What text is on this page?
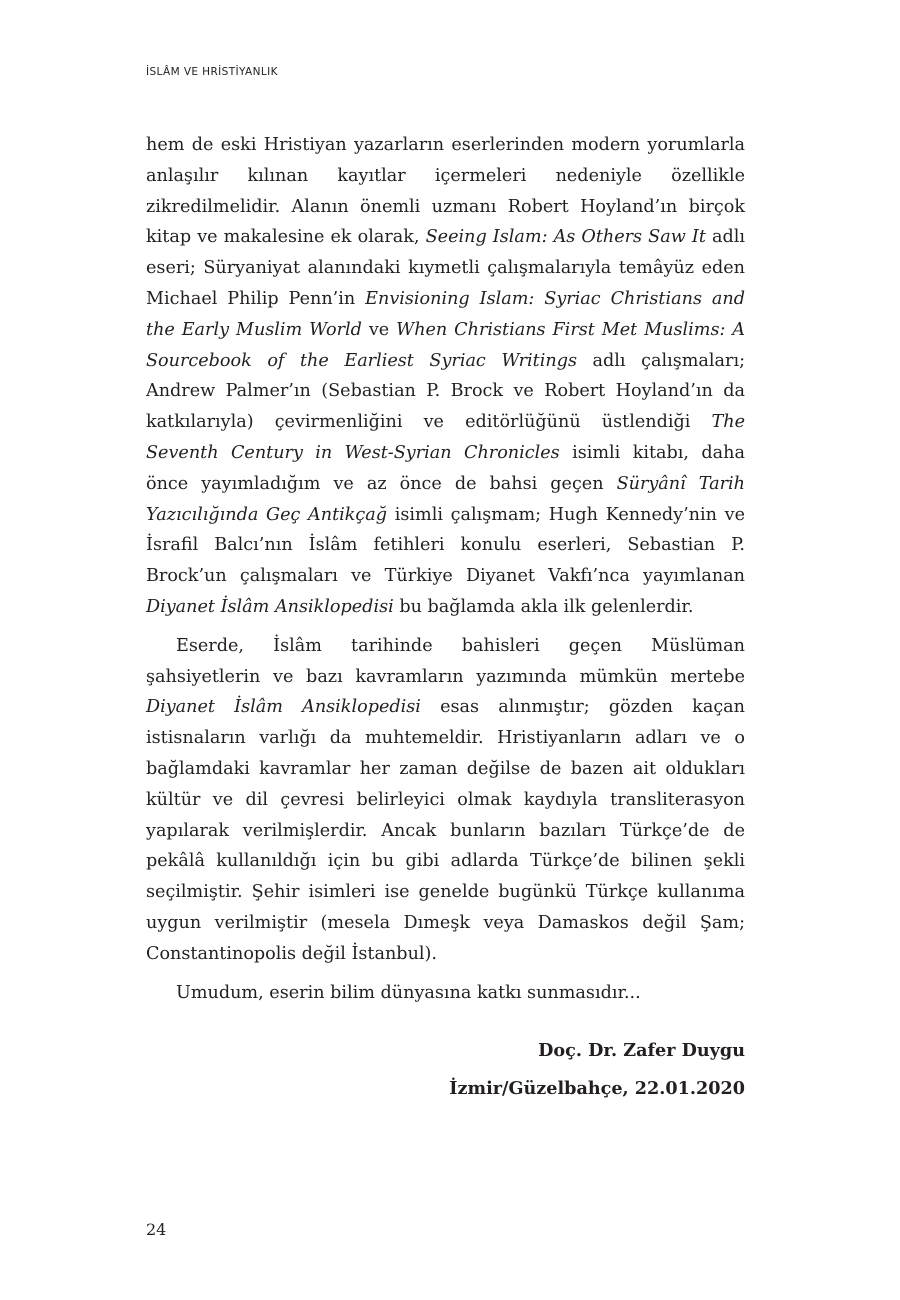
İSLÂM VE HRİSTİYANLIK

hem de eski Hristiyan yazarların eserlerinden modern yorumlarla anlaşılır kılınan kayıtlar içermeleri nedeniyle özellikle zikredilmelidir. Alanın önemli uzmanı Robert Hoyland’ın birçok kitap ve makalesine ek olarak, Seeing Islam: As Others Saw It adlı eseri; Süryaniyat alanındaki kıymetli çalışmalarıyla temâyüz eden Michael Philip Penn’in Envisioning Islam: Syriac Christians and the Early Muslim World ve When Christians First Met Muslims: A Sourcebook of the Earliest Syriac Writings adlı çalışmaları; Andrew Palmer’ın (Sebastian P. Brock ve Robert Hoyland’ın da katkılarıyla) çevirmenliğini ve editörlüğünü üstlendiği The Seventh Century in West-Syrian Chronicles isimli kitabı, daha önce yayımladığım ve az önce de bahsi geçen Süryânî Tarih Yazıcılığında Geç Antikçağ isimli çalışmam; Hugh Kennedy’nin ve İsrafil Balcı’nın İslâm fetihleri konulu eserleri, Sebastian P. Brock’un çalışmaları ve Türkiye Diyanet Vakfı’nca yayımlanan Diyanet İslâm Ansiklopedisi bu bağlamda akla ilk gelenlerdir.

Eserde, İslâm tarihinde bahisleri geçen Müslüman şahsiyetlerin ve bazı kavramların yazımında mümkün mertebe Diyanet İslâm Ansiklopedisi esas alınmıştır; gözden kaçan istisnaların varlığı da muhtemeldir. Hristiyanların adları ve o bağlamdaki kavramlar her zaman değilse de bazen ait oldukları kültür ve dil çevresi belirleyici olmak kaydıyla transliterasyon yapılarak verilmişlerdir. Ancak bunların bazıları Türkçe’de de pekâlâ kullanıldığı için bu gibi adlarda Türkçe’de bilinen şekli seçilmiştir. Şehir isimleri ise genelde bugünkü Türkçe kullanıma uygun verilmiştir (mesela Dımeşk veya Damaskos değil Şam; Constantinopolis değil İstanbul).

Umudum, eserin bilim dünyasına katkı sunmasıdır...

Doç. Dr. Zafer Duygu
İzmir/Güzelbahçe, 22.01.2020
24
